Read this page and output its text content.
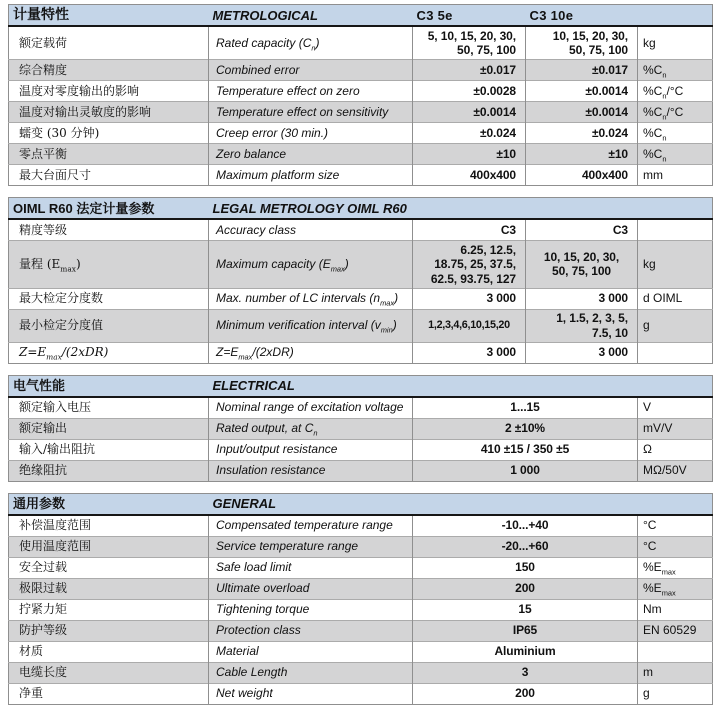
计量特性	METROLOGICAL	C3 5e	C3 10e	
额定载荷	Rated capacity $(C_n)$	5, 10, 15, 20, 30,
50, 75, 100	10, 15, 20, 30,
50, 75, 100	kg
综合精度	Combined error	±0.017	±0.017	$\%C_n$
温度对零度输出的影响	Temperature effect on zero	±0.0028	±0.0014	$\%C_n/^\circ C$
温度对输出灵敏度的影响	Temperature effect on sensitivity	±0.0014	±0.0014	$\%C_n/^\circ C$
蠕变 (30 分钟)	Creep error (30 min.)	±0.024	±0.024	$\%C_n$
零点平衡	Zero balance	±10	±10	$\%C_n$
最大台面尺寸	Maximum platform size	400x400	400x400	mm
OIML R60 法定计量参数	LEGAL METROLOGY OIML R60			
精度等级	Accuracy class	C3	C3	
量程 $(E_{max})$	Maximum capacity $(E_{max})$	6.25, 12.5,
18.75, 25, 37.5,
62.5, 93.75, 127	10, 15, 20, 30,
50, 75, 100	kg
最大检定分度数	Max. number of LC intervals $(n_{max})$	3 000	3 000	d OIML
最小检定分度值	Minimum verification interval $(v_{min})$	1,2,3,4,6,10,15,20	1, 1.5, 2, 3, 5,
7.5, 10	g
$Z=E_{max}/(2xDR)$	$Z=E_{max}/(2xDR)$	3 000	3 000	
电气性能	ELECTRICAL		
额定输入电压	Nominal range of excitation voltage	1...15	V
额定输出	Rated output, at $C_n$	2 ±10%	mV/V
输入/输出阻抗	Input/output resistance	410 ±15 / 350 ±5	Ω
绝缘阻抗	Insulation resistance	1 000	MΩ/50V
通用参数	GENERAL		
补偿温度范围	Compensated temperature range	-10...+40	°C
使用温度范围	Service temperature range	-20...+60	°C
安全过载	Safe load limit	150	$\%E_{max}$
极限过载	Ultimate overload	200	$\%E_{max}$
拧紧力矩	Tightening torque	15	Nm
防护等级	Protection class	IP65	EN 60529
材质	Material	Aluminium	
电缆长度	Cable Length	3	m
净重	Net weight	200	g
